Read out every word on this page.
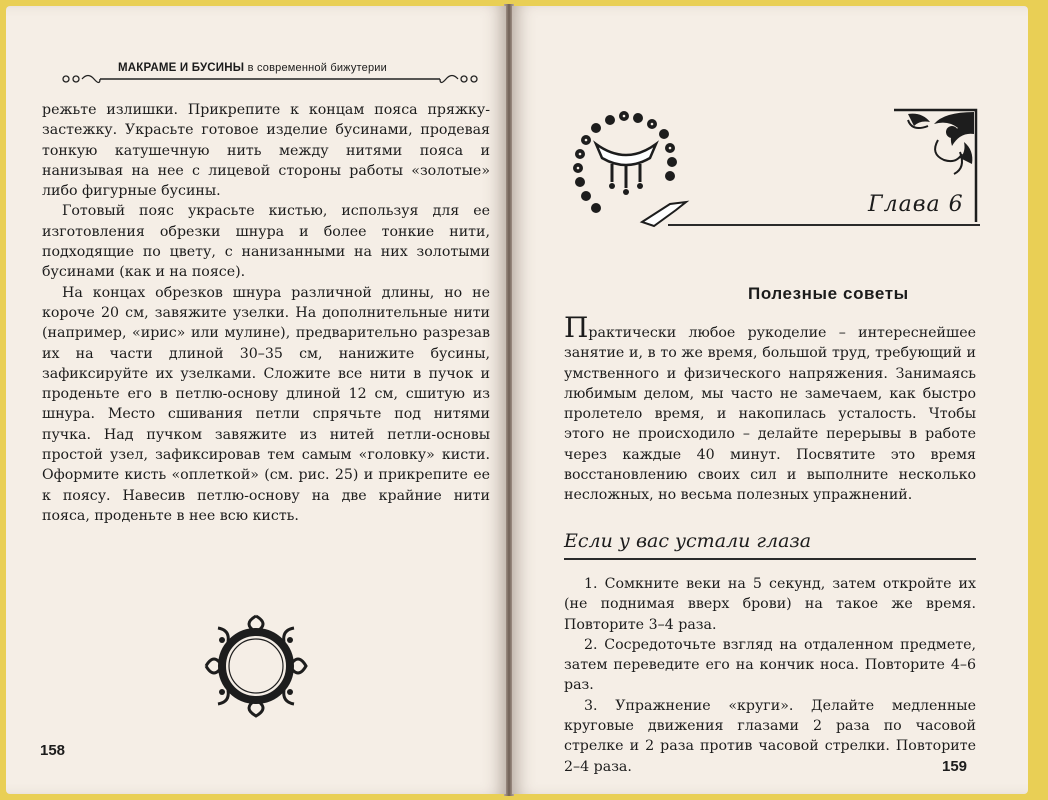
МАКРАМЕ И БУСИНЫ в современной бижутерии

режьте излишки. Прикрепите к концам пояса пряжку-застежку. Украсьте готовое изделие бусинами, продевая тонкую катушечную нить между нитями пояса и нанизывая на нее с лицевой стороны работы «золотые» либо фигурные бусины.

Готовый пояс украсьте кистью, используя для ее изготовления обрезки шнура и более тонкие нити, подходящие по цвету, с нанизанными на них золотыми бусинами (как и на поясе).

На концах обрезков шнура различной длины, но не короче 20 см, завяжите узелки. На дополнительные нити (например, «ирис» или мулине), предварительно разрезав их на части длиной 30–35 см, нанижите бусины, зафиксируйте их узелками. Сложите все нити в пучок и проденьте его в петлю-основу длиной 12 см, сшитую из шнура. Место сшивания петли спрячьте под нитями пучка. Над пучком завяжите из нитей петли-основы простой узел, зафиксировав тем самым «головку» кисти. Оформите кисть «оплеткой» (см. рис. 25) и прикрепите ее к поясу. Навесив петлю-основу на две крайние нити пояса, проденьте в нее всю кисть.

158
Глава 6
Полезные советы

Практически любое рукоделие – интереснейшее занятие и, в то же время, большой труд, требующий и умственного и физического напряжения. Занимаясь любимым делом, мы часто не замечаем, как быстро пролетело время, и накопилась усталость. Чтобы этого не происходило – делайте перерывы в работе через каждые 40 минут. Посвятите это время восстановлению своих сил и выполните несколько несложных, но весьма полезных упражнений.

Если у вас устали глаза

1. Сомкните веки на 5 секунд, затем откройте их (не поднимая вверх брови) на такое же время. Повторите 3–4 раза.

2. Сосредоточьте взгляд на отдаленном предмете, затем переведите его на кончик носа. Повторите 4–6 раз.

3. Упражнение «круги». Делайте медленные круговые движения глазами 2 раза по часовой стрелке и 2 раза против часовой стрелки. Повторите 2–4 раза.	159
